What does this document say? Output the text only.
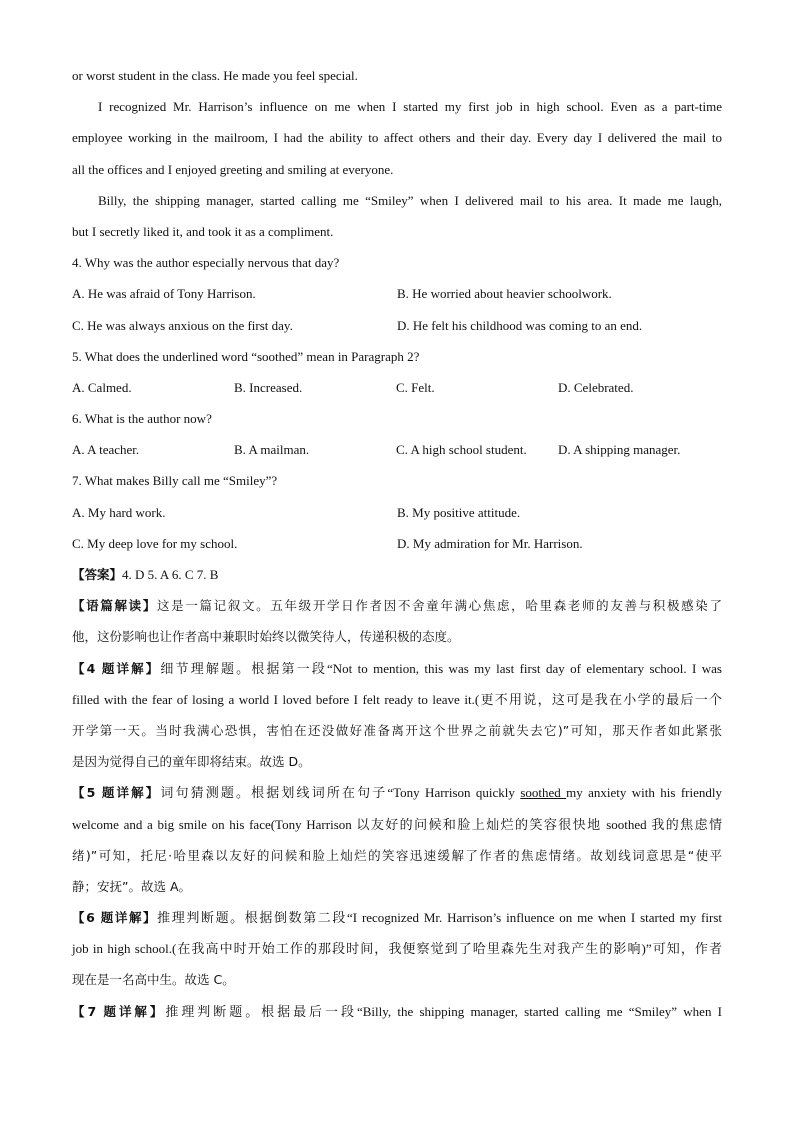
or worst student in the class. He made you feel special.
I recognized Mr. Harrison’s influence on me when I started my first job in high school. Even as a part-time
employee working in the mailroom, I had the ability to affect others and their day. Every day I delivered the mail to
all the offices and I enjoyed greeting and smiling at everyone.
Billy, the shipping manager, started calling me “Smiley” when I delivered mail to his area. It made me laugh,
but I secretly liked it, and took it as a compliment.
4. Why was the author especially nervous that day?
A. He was afraid of Tony Harrison.	B. He worried about heavier schoolwork.
C. He was always anxious on the first day.	D. He felt his childhood was coming to an end.
5. What does the underlined word “soothed” mean in Paragraph 2?
A. Calmed.	B. Increased.	C. Felt.	D. Celebrated.
6. What is the author now?
A. A teacher.	B. A mailman.	C. A high school student.	D. A shipping manager.
7. What makes Billy call me “Smiley”?
A. My hard work.	B. My positive attitude.
C. My deep love for my school.	D. My admiration for Mr. Harrison.
【答案】4. D 5. A 6. C 7. B
【语篇解读】这是一篇记叙文。五年级开学日作者因不舍童年满心焦虑，哈里森老师的友善与积极感染了
他，这份影响也让作者高中兼职时始终以微笑待人，传递积极的态度。
【4 题详解】细节理解题。根据第一段“Not to mention, this was my last first day of elementary school. I was
filled with the fear of losing a world I loved before I felt ready to leave it.(更不用说，这可是我在小学的最后一个
开学第一天。当时我满心恐惧，害怕在还没做好准备离开这个世界之前就失去它)”可知，那天作者如此紧张
是因为觉得自己的童年即将结束。故选 D。
【5 题详解】词句猜测题。根据划线词所在句子“Tony Harrison quickly soothed my anxiety with his friendly
welcome and a big smile on his face(Tony Harrison 以友好的问候和脸上灿烂的笑容很快地 soothed 我的焦虑情
绪)”可知，托尼·哈里森以友好的问候和脸上灿烂的笑容迅速缓解了作者的焦虑情绪。故划线词意思是“使平
静；安抚”。故选 A。
【6 题详解】推理判断题。根据倒数第二段“I recognized Mr. Harrison’s influence on me when I started my first
job in high school.(在我高中时开始工作的那段时间，我便察觉到了哈里森先生对我产生的影响)”可知，作者
现在是一名高中生。故选 C。
【7 题详解】推理判断题。根据最后一段“Billy, the shipping manager, started calling me “Smiley” when I
